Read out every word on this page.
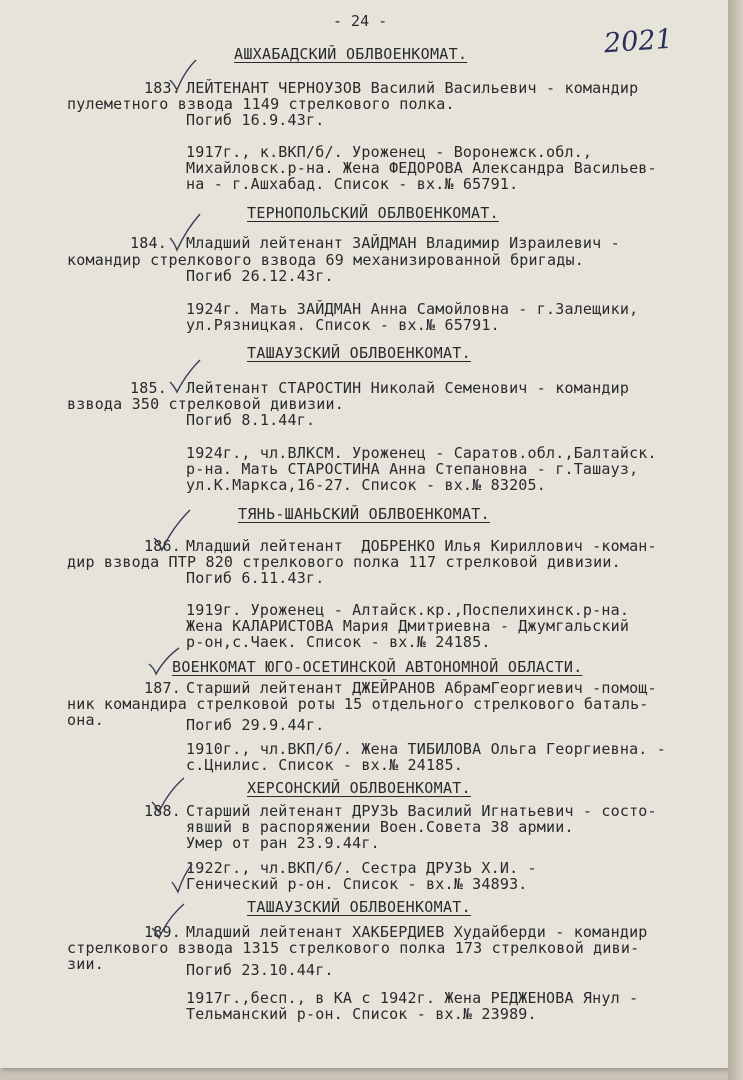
- 24 -
2021
АШХАБАДСКИЙ ОБЛВОЕНКОМАТ.
183. ЛЕЙТЕНАНТ ЧЕРНОУЗОВ Василий Васильевич - командир
пулеметного взвода 1149 стрелкового полка.
Погиб 16.9.43г.
1917г., к.ВКП/б/. Уроженец - Воронежск.обл.,
Михайловск.р-на. Жена ФЕДОРОВА Александра Васильев-
на - г.Ашхабад. Список - вх.№ 65791.
ТЕРНОПОЛЬСКИЙ ОБЛВОЕНКОМАТ.
184. Младший лейтенант ЗАЙДМАН Владимир Израилевич -
командир стрелкового взвода 69 механизированной бригады.
Погиб 26.12.43г.
1924г. Мать ЗАЙДМАН Анна Самойловна - г.Залещики,
ул.Рязницкая. Список - вх.№ 65791.
ТАШАУЗСКИЙ ОБЛВОЕНКОМАТ.
185. Лейтенант СТАРОСТИН Николай Семенович - командир
взвода 350 стрелковой дивизии.
Погиб 8.1.44г.
1924г., чл.ВЛКСМ. Уроженец - Саратов.обл.,Балтайск.
р-на. Мать СТАРОСТИНА Анна Степановна - г.Ташауз,
ул.К.Маркса,16-27. Список - вх.№ 83205.
ТЯНЬ-ШАНЬСКИЙ ОБЛВОЕНКОМАТ.
186. Младший лейтенант  ДОБРЕНКО Илья Кириллович -коман-
дир взвода ПТР 820 стрелкового полка 117 стрелковой дивизии.
Погиб 6.11.43г.
1919г. Уроженец - Алтайск.кр.,Поспелихинск.р-на.
Жена КАЛАРИСТОВА Мария Дмитриевна - Джумгальский
р-он,с.Чаек. Список - вх.№ 24185.
ВОЕНКОМАТ ЮГО-ОСЕТИНСКОЙ АВТОНОМНОЙ ОБЛАСТИ.
187. Старший лейтенант ДЖЕЙРАНОВ АбрамГеоргиевич -помощ-
ник командира стрелковой роты 15 отдельного стрелкового баталь-
она.	Погиб 29.9.44г.
1910г., чл.ВКП/б/. Жена ТИБИЛОВА Ольга Георгиевна. -
с.Цнилис. Список - вх.№ 24185.
ХЕРСОНСКИЙ ОБЛВОЕНКОМАТ.
188. Старший лейтенант ДРУЗЬ Василий Игнатьевич - состо-
явший в распоряжении Воен.Совета 38 армии.
Умер от ран 23.9.44г.
1922г., чл.ВКП/б/. Сестра ДРУЗЬ Х.И. -
Генический р-он. Список - вх.№ 34893.
ТАШАУЗСКИЙ ОБЛВОЕНКОМАТ.
189. Младший лейтенант ХАКБЕРДИЕВ Худайберди - командир
стрелкового взвода 1315 стрелкового полка 173 стрелковой диви-
зии.	Погиб 23.10.44г.
1917г.,бесп., в КА с 1942г. Жена РЕДЖЕНОВА Янул -
Тельманский р-он. Список - вх.№ 23989.
